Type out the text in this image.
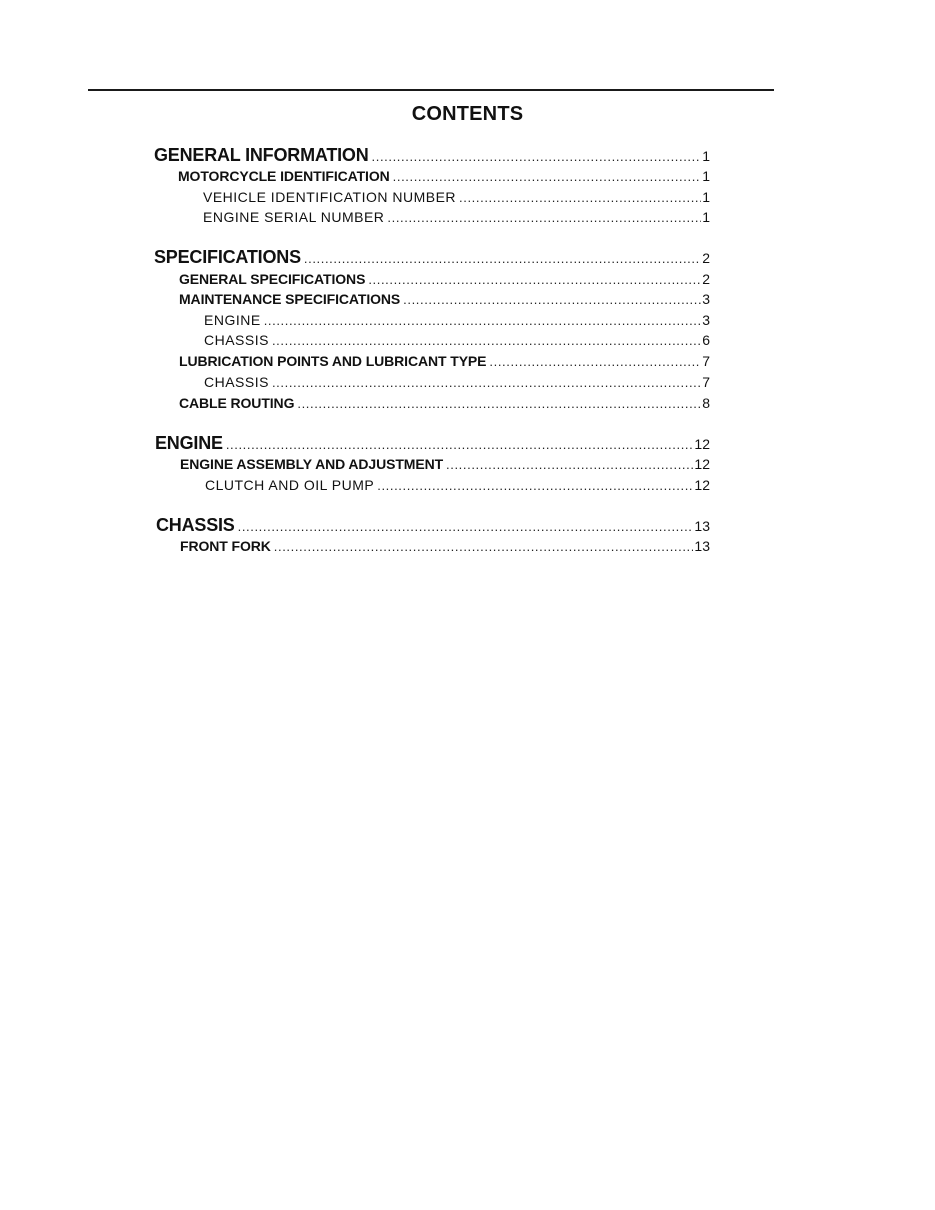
CONTENTS
GENERAL INFORMATION .....	1
MOTORCYCLE IDENTIFICATION .....	1
VEHICLE IDENTIFICATION NUMBER .....	1
ENGINE SERIAL NUMBER .....	1
SPECIFICATIONS .....	2
GENERAL SPECIFICATIONS .....	2
MAINTENANCE SPECIFICATIONS .....	3
ENGINE .....	3
CHASSIS .....	6
LUBRICATION POINTS AND LUBRICANT TYPE .....	7
CHASSIS .....	7
CABLE ROUTING .....	8
ENGINE .....	12
ENGINE ASSEMBLY AND ADJUSTMENT .....	12
CLUTCH AND OIL PUMP .....	12
CHASSIS .....	13
FRONT FORK .....	13
